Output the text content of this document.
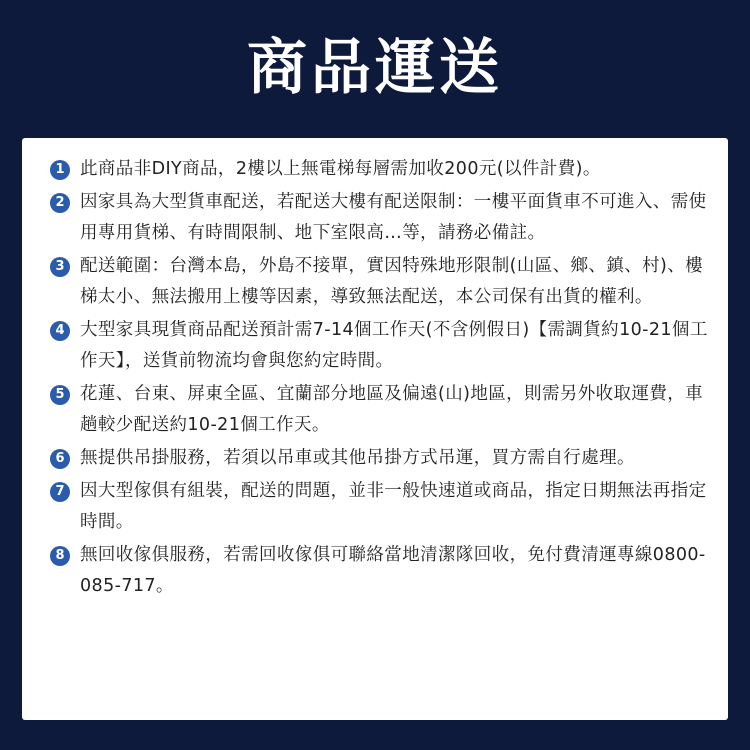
商品運送
1 此商品非DIY商品，2樓以上無電梯每層需加收200元(以件計費)。
2 因家具為大型貨車配送，若配送大樓有配送限制：一樓平面貨車不可進入、需使用專用貨梯、有時間限制、地下室限高…等，請務必備註。
3 配送範圍：台灣本島，外島不接單，實因特殊地形限制(山區、鄉、鎮、村)、樓梯太小、無法搬用上樓等因素，導致無法配送，本公司保有出貨的權利。
4 大型家具現貨商品配送預計需7-14個工作天(不含例假日)【需調貨約10-21個工作天】，送貨前物流均會與您約定時間。
5 花蓮、台東、屏東全區、宜蘭部分地區及偏遠(山)地區，則需另外收取運費，車趟較少配送約10-21個工作天。
6 無提供吊掛服務，若須以吊車或其他吊掛方式吊運，買方需自行處理。
7 因大型傢俱有組裝，配送的問題，並非一般快速道或商品，指定日期無法再指定時間。
8 無回收傢俱服務，若需回收傢俱可聯絡當地清潔隊回收，免付費清運專線0800-085-717。
